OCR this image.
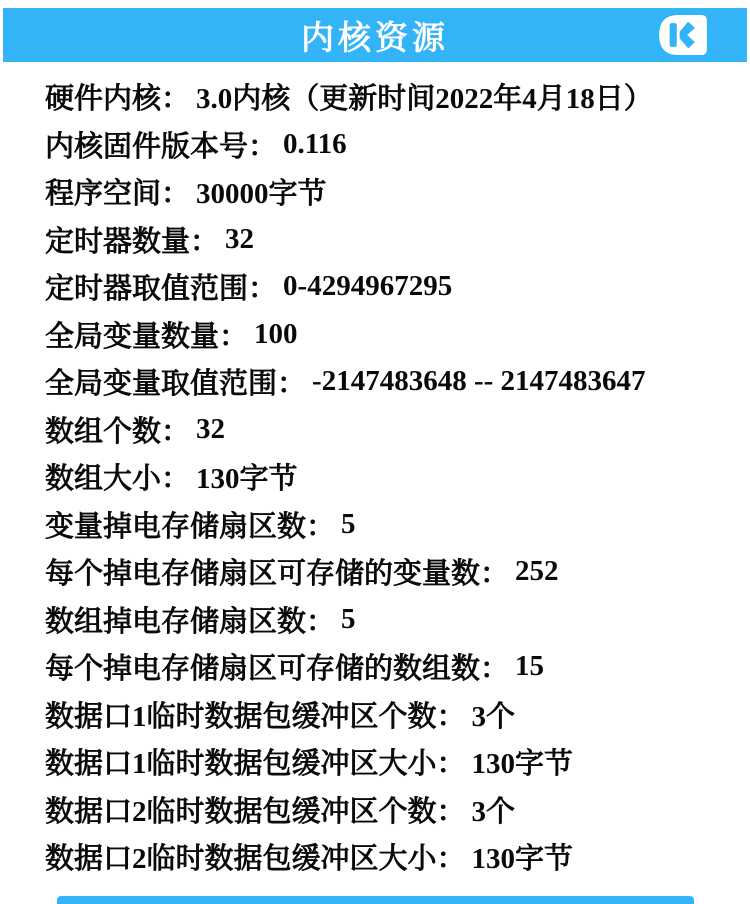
内核资源
硬件内核 ： 3.0内核（更新时间2022年4月18日）
内核固件版本号 ： 0.116
程序空间 ： 30000字节
定时器数量 ： 32
定时器取值范围 ： 0-4294967295
全局变量数量 ： 100
全局变量取值范围 ： -2147483648 -- 2147483647
数组个数 ： 32
数组大小 ： 130字节
变量掉电存储扇区数 ： 5
每个掉电存储扇区可存储的变量数 ： 252
数组掉电存储扇区数 ： 5
每个掉电存储扇区可存储的数组数 ： 15
数据口1临时数据包缓冲区个数 ： 3个
数据口1临时数据包缓冲区大小 ： 130字节
数据口2临时数据包缓冲区个数 ： 3个
数据口2临时数据包缓冲区大小 ： 130字节
